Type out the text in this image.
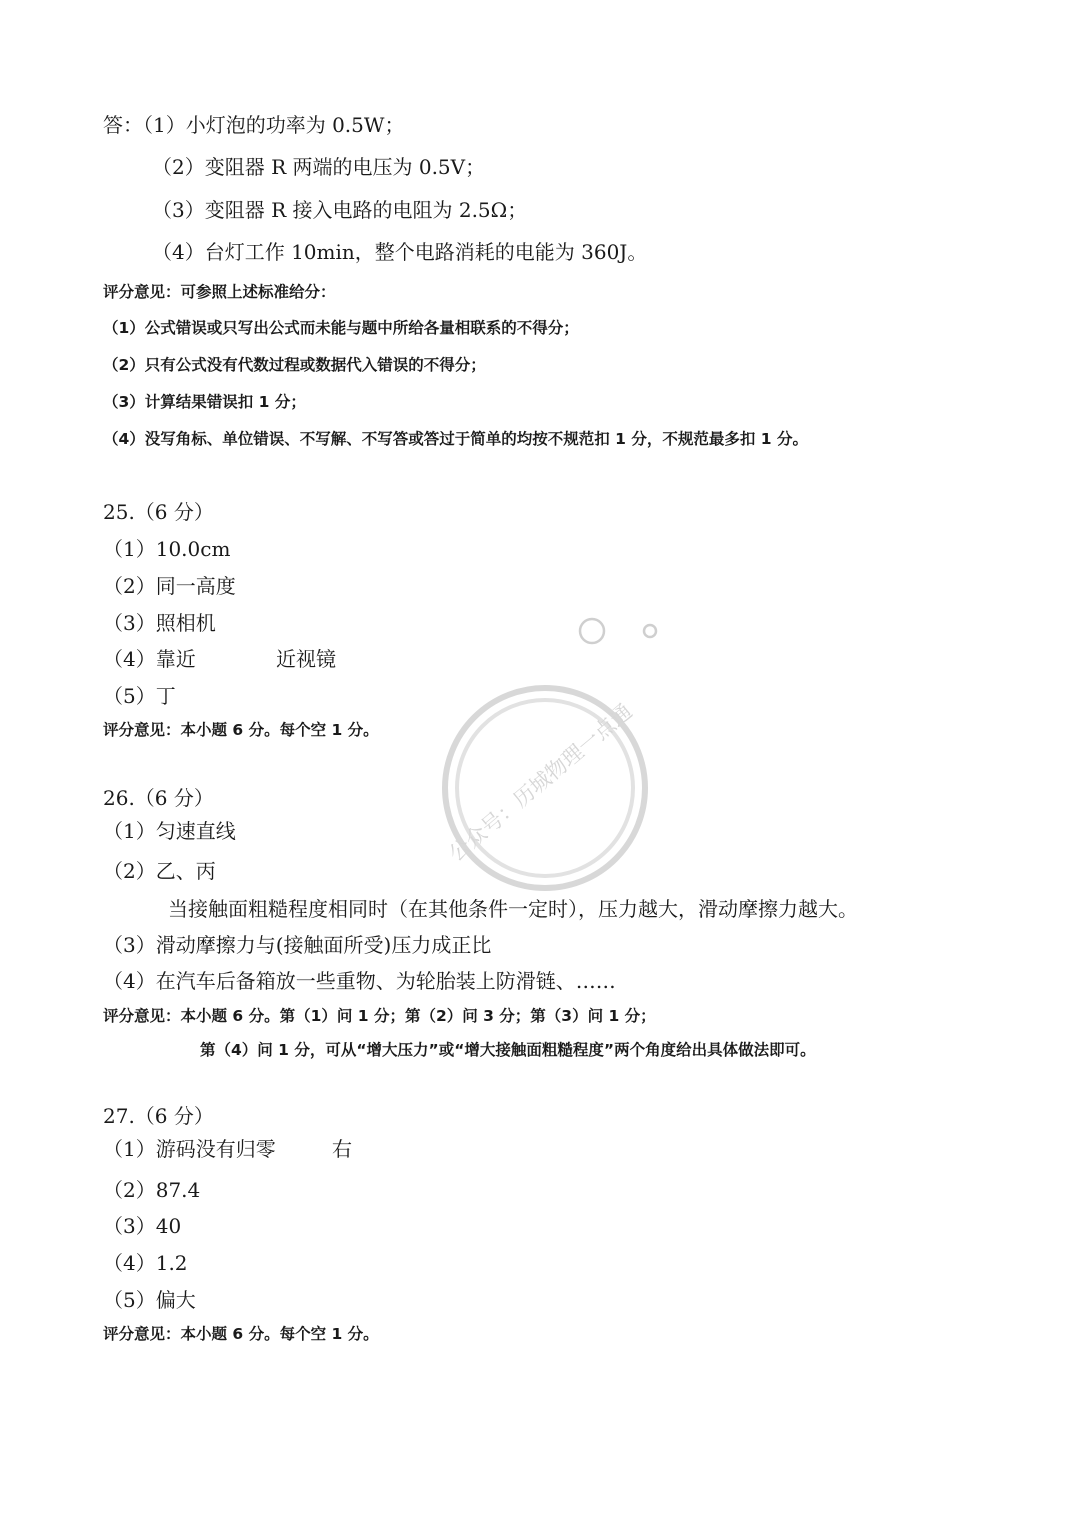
答：（1）小灯泡的功率为 0.5W；
（2）变阻器 R 两端的电压为 0.5V；
（3）变阻器 R 接入电路的电阻为 2.5Ω；
（4）台灯工作 10min，整个电路消耗的电能为 360J。
评分意见：可参照上述标准给分：
（1）公式错误或只写出公式而未能与题中所给各量相联系的不得分；
（2）只有公式没有代数过程或数据代入错误的不得分；
（3）计算结果错误扣 1 分；
（4）没写角标、单位错误、不写解、不写答或答过于简单的均按不规范扣 1 分，不规范最多扣 1 分。
25.（6 分）
（1）10.0cm
（2）同一高度
（3）照相机
（4）靠近	近视镜
（5）丁
评分意见：本小题 6 分。每个空 1 分。
26.（6 分）
（1）匀速直线
（2）乙、丙
当接触面粗糙程度相同时（在其他条件一定时），压力越大，滑动摩擦力越大。
（3）滑动摩擦力与(接触面所受)压力成正比
（4）在汽车后备箱放一些重物、为轮胎装上防滑链、……
评分意见：本小题 6 分。第（1）问 1 分；第（2）问 3 分；第（3）问 1 分；
第（4）问 1 分，可从“增大压力”或“增大接触面粗糙程度”两个角度给出具体做法即可。
27.（6 分）
（1）游码没有归零	右
（2）87.4
（3）40
（4）1.2
（5）偏大
评分意见：本小题 6 分。每个空 1 分。
公众号：历城物理一点通
